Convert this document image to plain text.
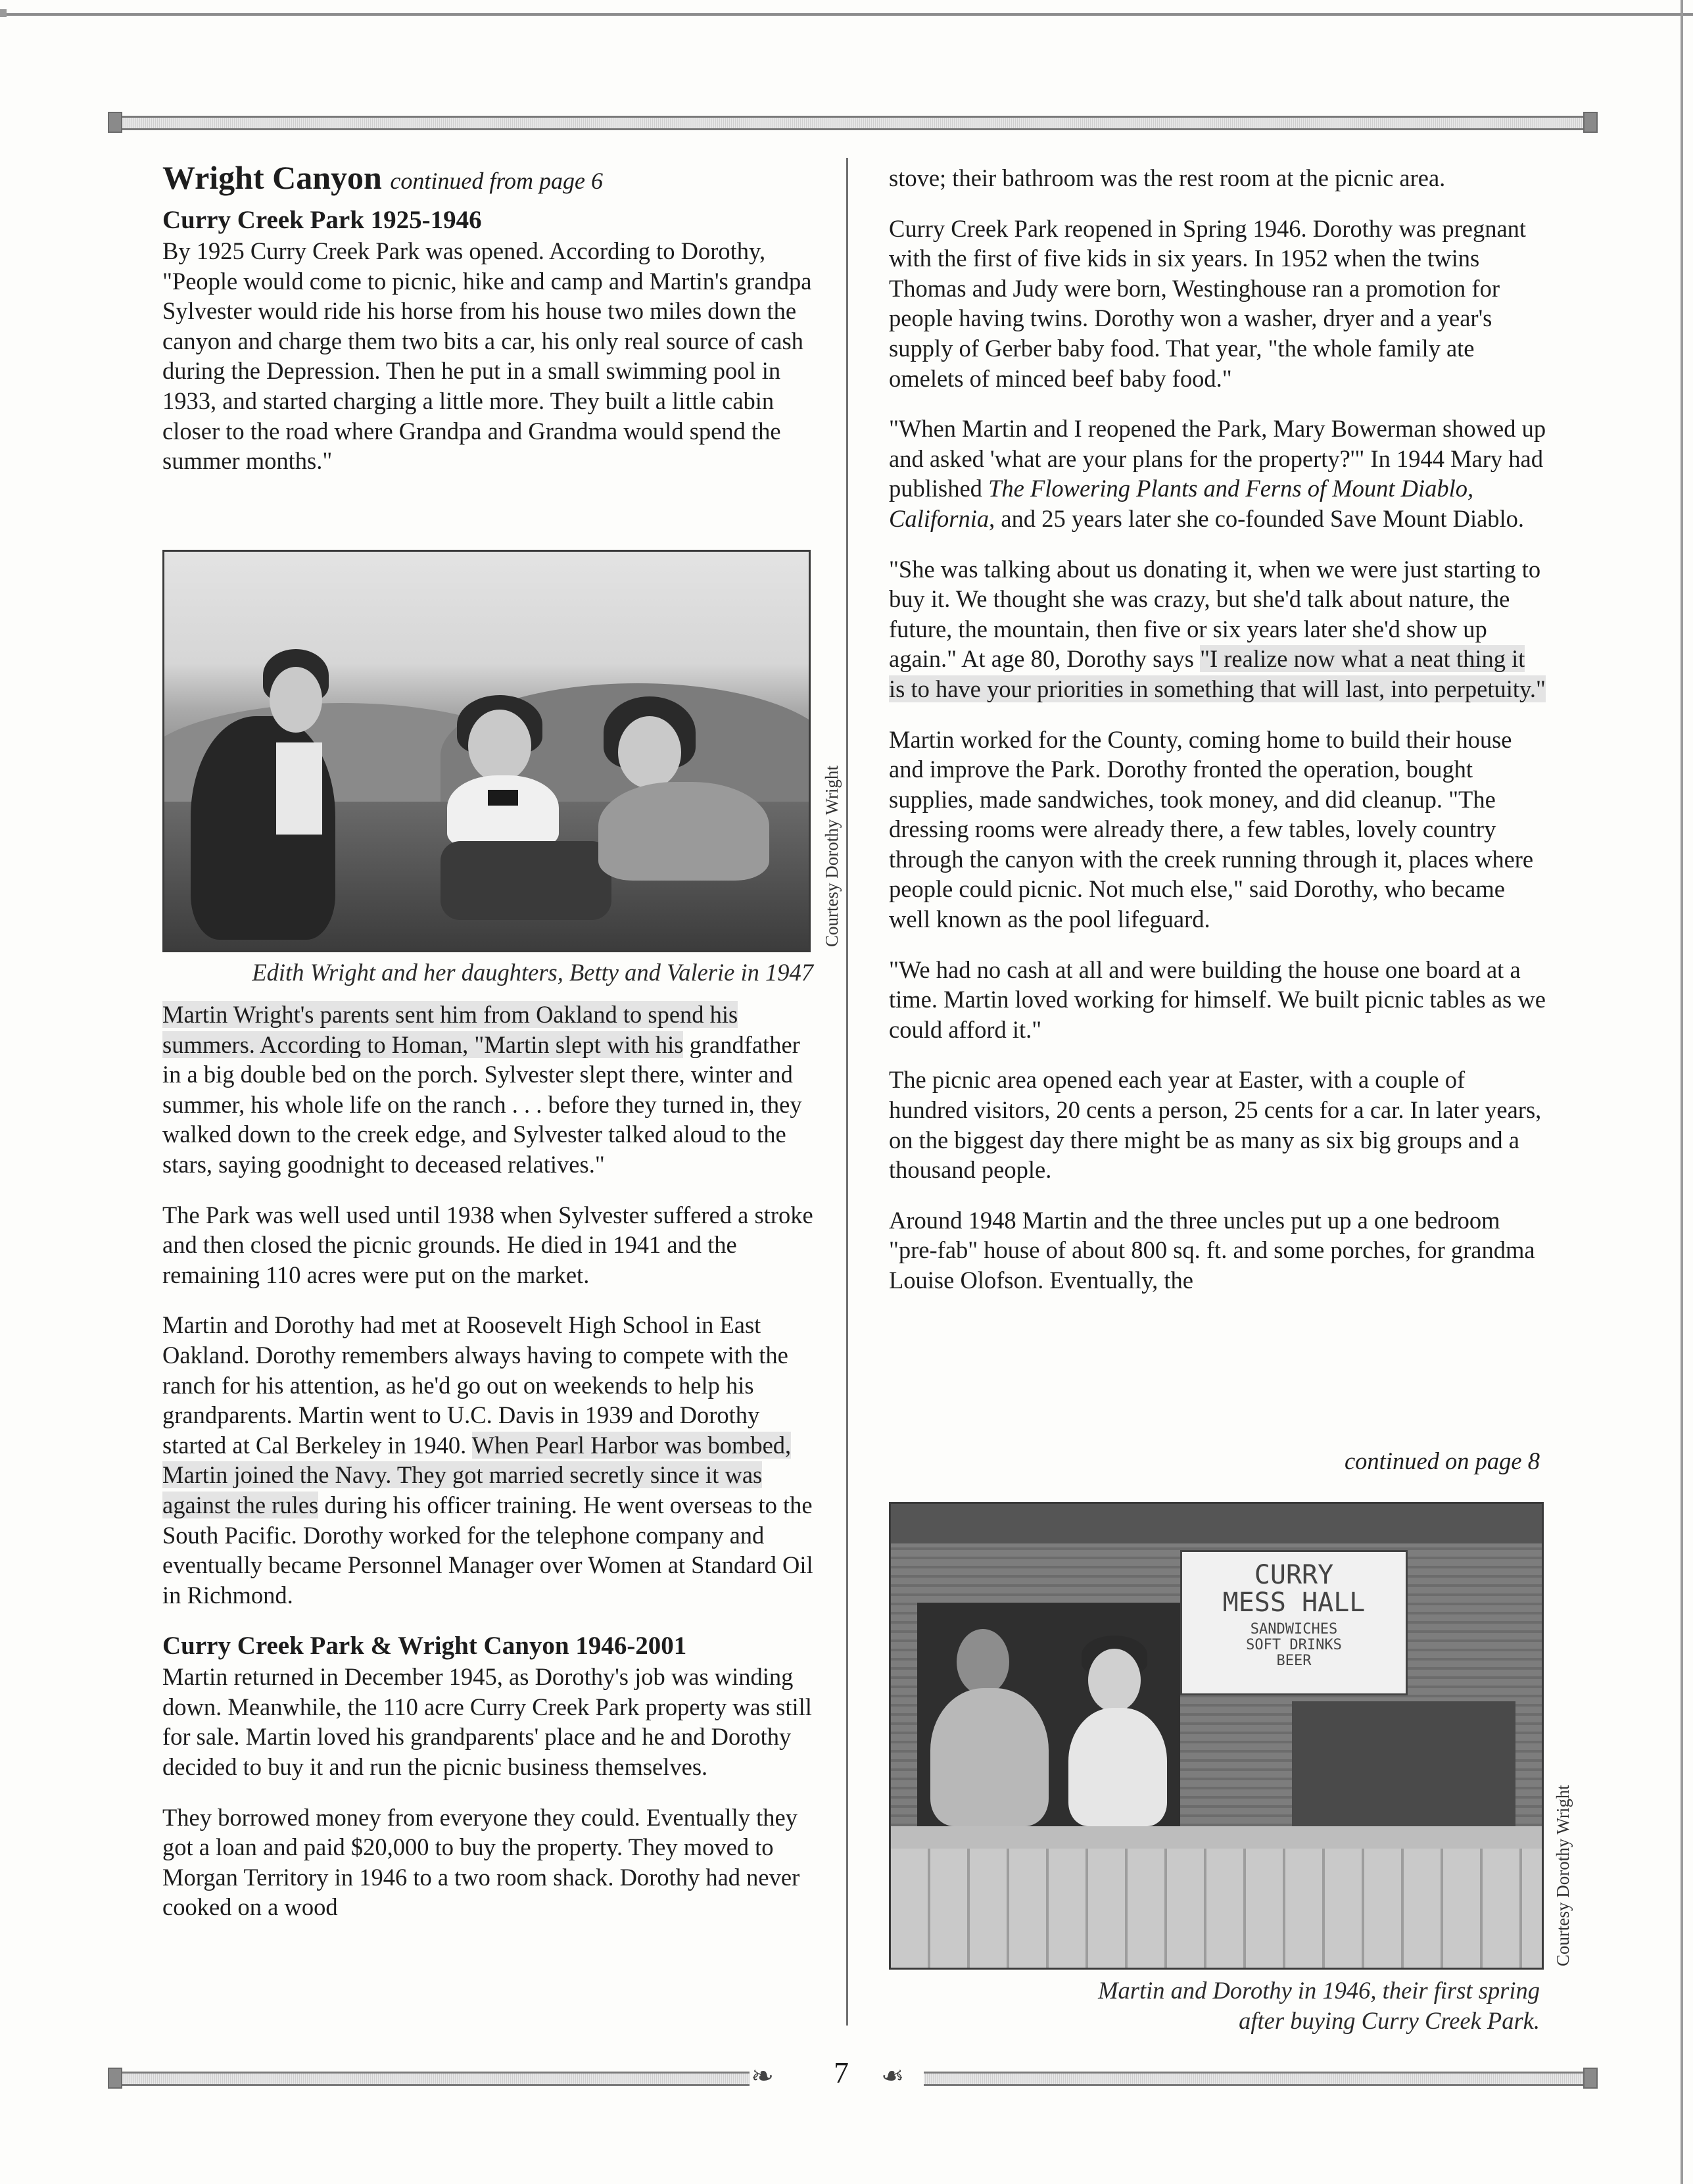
Wright Canyon continued from page 6
Curry Creek Park 1925-1946

By 1925 Curry Creek Park was opened. According to Dorothy, "People would come to picnic, hike and camp and Martin's grandpa Sylvester would ride his horse from his house two miles down the canyon and charge them two bits a car, his only real source of cash during the Depression. Then he put in a small swimming pool in 1933, and started charging a little more. They built a little cabin closer to the road where Grandpa and Grandma would spend the summer months."

Courtesy Dorothy Wright
Edith Wright and her daughters, Betty and Valerie in 1947

Martin Wright's parents sent him from Oakland to spend his summers. According to Homan, "Martin slept with his grandfather in a big double bed on the porch. Sylvester slept there, winter and summer, his whole life on the ranch . . . before they turned in, they walked down to the creek edge, and Sylvester talked aloud to the stars, saying goodnight to deceased relatives."

The Park was well used until 1938 when Sylvester suffered a stroke and then closed the picnic grounds. He died in 1941 and the remaining 110 acres were put on the market.

Martin and Dorothy had met at Roosevelt High School in East Oakland. Dorothy remembers always having to compete with the ranch for his attention, as he'd go out on weekends to help his grandparents. Martin went to U.C. Davis in 1939 and Dorothy started at Cal Berkeley in 1940. When Pearl Harbor was bombed, Martin joined the Navy. They got married secretly since it was against the rules during his officer training. He went overseas to the South Pacific. Dorothy worked for the telephone company and eventually became Personnel Manager over Women at Standard Oil in Richmond.

Curry Creek Park & Wright Canyon 1946-2001

Martin returned in December 1945, as Dorothy's job was winding down. Meanwhile, the 110 acre Curry Creek Park property was still for sale. Martin loved his grandparents' place and he and Dorothy decided to buy it and run the picnic business themselves.

They borrowed money from everyone they could. Eventually they got a loan and paid $20,000 to buy the property. They moved to Morgan Territory in 1946 to a two room shack. Dorothy had never cooked on a wood

stove; their bathroom was the rest room at the picnic area.

Curry Creek Park reopened in Spring 1946. Dorothy was pregnant with the first of five kids in six years. In 1952 when the twins Thomas and Judy were born, Westinghouse ran a promotion for people having twins. Dorothy won a washer, dryer and a year's supply of Gerber baby food. That year, "the whole family ate omelets of minced beef baby food."

"When Martin and I reopened the Park, Mary Bowerman showed up and asked 'what are your plans for the property?'" In 1944 Mary had published The Flowering Plants and Ferns of Mount Diablo, California, and 25 years later she co-founded Save Mount Diablo.

"She was talking about us donating it, when we were just starting to buy it. We thought she was crazy, but she'd talk about nature, the future, the mountain, then five or six years later she'd show up again." At age 80, Dorothy says "I realize now what a neat thing it is to have your priorities in something that will last, into perpetuity."

Martin worked for the County, coming home to build their house and improve the Park. Dorothy fronted the operation, bought supplies, made sandwiches, took money, and did cleanup. "The dressing rooms were already there, a few tables, lovely country through the canyon with the creek running through it, places where people could picnic. Not much else," said Dorothy, who became well known as the pool lifeguard.

"We had no cash at all and were building the house one board at a time. Martin loved working for himself. We built picnic tables as we could afford it."

The picnic area opened each year at Easter, with a couple of hundred visitors, 20 cents a person, 25 cents for a car. In later years, on the biggest day there might be as many as six big groups and a thousand people.

Around 1948 Martin and the three uncles put up a one bedroom "pre-fab" house of about 800 sq. ft. and some porches, for grandma Louise Olofson. Eventually, the

continued on page 8
CURRY
MESS HALL
SANDWICHES
SOFT DRINKS
BEER
Courtesy Dorothy Wright
Martin and Dorothy in 1946, their first spring
after buying Curry Creek Park.
❧ 7 ❧
